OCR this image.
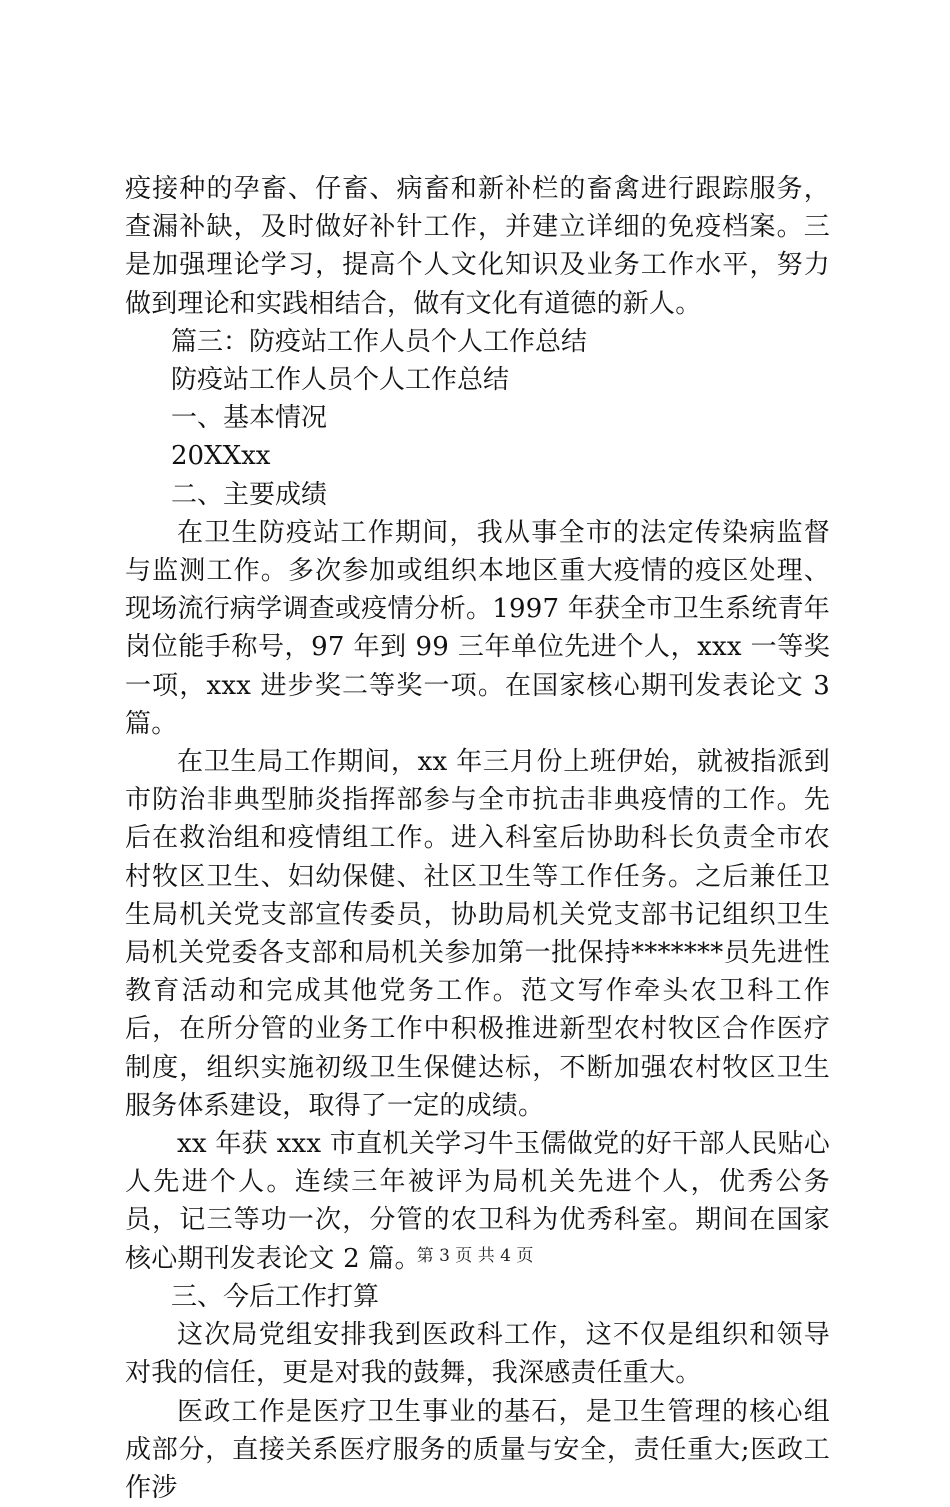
疫接种的孕畜、仔畜、病畜和新补栏的畜禽进行跟踪服务，查漏补缺，及时做好补针工作，并建立详细的免疫档案。三是加强理论学习，提高个人文化知识及业务工作水平，努力做到理论和实践相结合，做有文化有道德的新人。

篇三：防疫站工作人员个人工作总结

防疫站工作人员个人工作总结

一、基本情况

20XXxx

二、主要成绩

在卫生防疫站工作期间，我从事全市的法定传染病监督与监测工作。多次参加或组织本地区重大疫情的疫区处理、现场流行病学调查或疫情分析。1997 年获全市卫生系统青年岗位能手称号，97 年到 99 三年单位先进个人，xxx 一等奖一项，xxx 进步奖二等奖一项。在国家核心期刊发表论文 3 篇。

在卫生局工作期间，xx 年三月份上班伊始，就被指派到市防治非典型肺炎指挥部参与全市抗击非典疫情的工作。先后在救治组和疫情组工作。进入科室后协助科长负责全市农村牧区卫生、妇幼保健、社区卫生等工作任务。之后兼任卫生局机关党支部宣传委员，协助局机关党支部书记组织卫生局机关党委各支部和局机关参加第一批保持*******员先进性教育活动和完成其他党务工作。范文写作牵头农卫科工作后，在所分管的业务工作中积极推进新型农村牧区合作医疗制度，组织实施初级卫生保健达标，不断加强农村牧区卫生服务体系建设，取得了一定的成绩。

xx 年获 xxx 市直机关学习牛玉儒做党的好干部人民贴心人先进个人。连续三年被评为局机关先进个人，优秀公务员，记三等功一次，分管的农卫科为优秀科室。期间在国家核心期刊发表论文 2 篇。

三、今后工作打算

这次局党组安排我到医政科工作，这不仅是组织和领导对我的信任，更是对我的鼓舞，我深感责任重大。

医政工作是医疗卫生事业的基石，是卫生管理的核心组成部分，直接关系医疗服务的质量与安全，责任重大;医政工作涉

第 3 页 共 4 页
